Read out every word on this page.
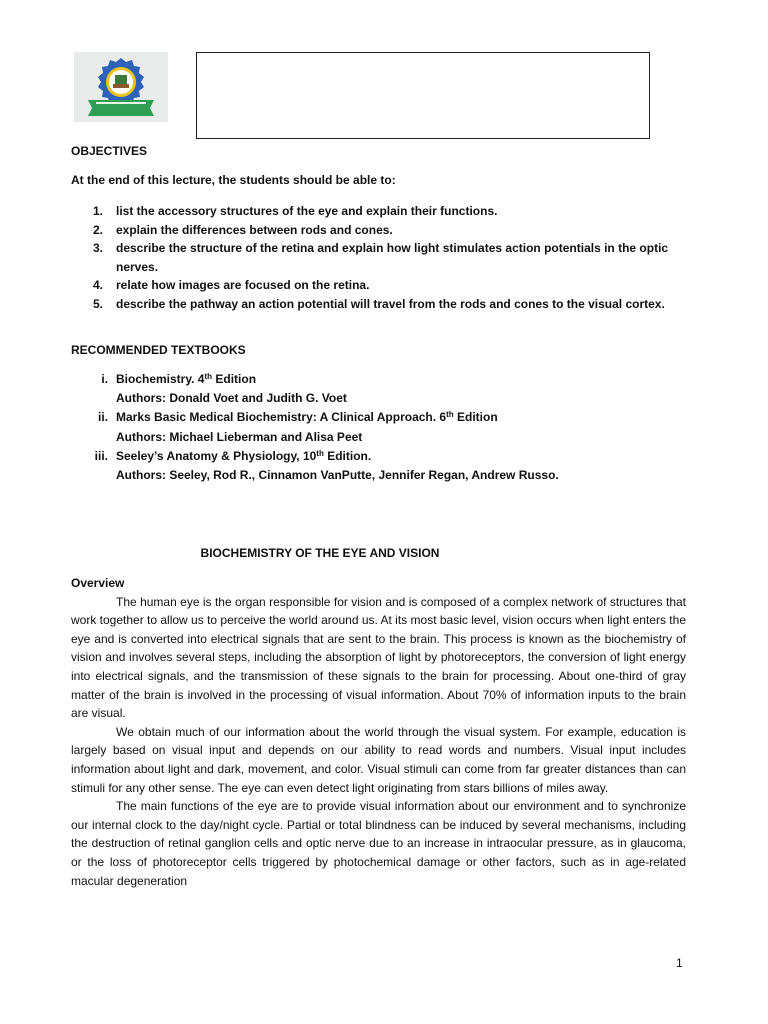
OBJECTIVES
At the end of this lecture, the students should be able to:
1. list the accessory structures of the eye and explain their functions.
2. explain the differences between rods and cones.
3. describe the structure of the retina and explain how light stimulates action potentials in the optic nerves.
4. relate how images are focused on the retina.
5. describe the pathway an action potential will travel from the rods and cones to the visual cortex.
RECOMMENDED TEXTBOOKS
i. Biochemistry. 4th Edition
Authors: Donald Voet and Judith G. Voet
ii. Marks Basic Medical Biochemistry: A Clinical Approach. 6th Edition
Authors: Michael Lieberman and Alisa Peet
iii. Seeley’s Anatomy & Physiology, 10th Edition.
Authors: Seeley, Rod R., Cinnamon VanPutte, Jennifer Regan, Andrew Russo.
BIOCHEMISTRY OF THE EYE AND VISION
Overview

The human eye is the organ responsible for vision and is composed of a complex network of structures that work together to allow us to perceive the world around us. At its most basic level, vision occurs when light enters the eye and is converted into electrical signals that are sent to the brain. This process is known as the biochemistry of vision and involves several steps, including the absorption of light by photoreceptors, the conversion of light energy into electrical signals, and the transmission of these signals to the brain for processing. About one-third of gray matter of the brain is involved in the processing of visual information. About 70% of information inputs to the brain are visual.

We obtain much of our information about the world through the visual system. For example, education is largely based on visual input and depends on our ability to read words and numbers. Visual input includes information about light and dark, movement, and color. Visual stimuli can come from far greater distances than can stimuli for any other sense. The eye can even detect light originating from stars billions of miles away.

The main functions of the eye are to provide visual information about our environment and to synchronize our internal clock to the day/night cycle. Partial or total blindness can be induced by several mechanisms, including the destruction of retinal ganglion cells and optic nerve due to an increase in intraocular pressure, as in glaucoma, or the loss of photoreceptor cells triggered by photochemical damage or other factors, such as in age-related macular degeneration

1
